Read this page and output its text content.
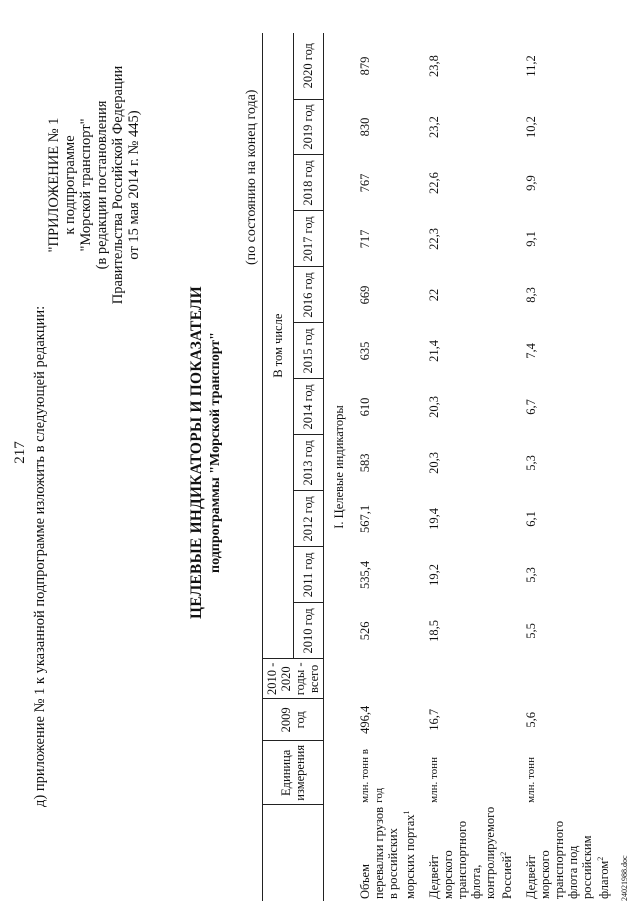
217 д) приложение № 1 к указанной подпрограмме изложить в следующей редакции:
"ПРИЛОЖЕНИЕ № 1 к подпрограмме "Морской транспорт" (в редакции постановления Правительства Российской Федерации от 15 мая 2014 г. № 445)
ЦЕЛЕВЫЕ ИНДИКАТОРЫ И ПОКАЗАТЕЛИ подпрограммы "Морской транспорт"
(по состоянию на конец года)
	Единица измерения	2009 год	2010 - 2020 годы - всего	В том числе										
				2010 год	2011 год	2012 год	2013 год	2014 год	2015 год	2016 год	2017 год	2018 год	2019 год	2020 год
I. Целевые индикаторы														
Объем перевалки грузов в российских морских портах$^1$	млн. тонн в год	496,4		526	535,4	567,1	583	610	635	669	717	767	830	879
Дедвейт морского транспортного флота, контролируемого Россией$^2$	млн. тонн	16,7		18,5	19,2	19,4	20,3	20,3	21,4	22	22,3	22,6	23,2	23,8
Дедвейт морского транспортного флота под российским флагом$^2$	млн. тонн	5,6		5,5	5,3	6,1	5,3	6,7	7,4	8,3	9,1	9,9	10,2	11,2
24021988.doc
